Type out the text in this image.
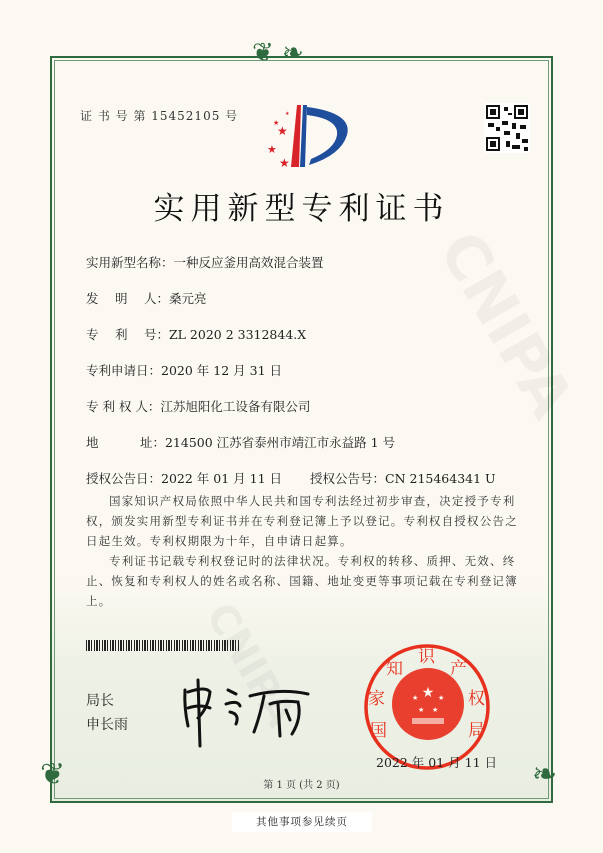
❦ ❧
❦	❧
证 书 号 第 15452105 号
★
★
★
★
★
实用新型专利证书
实用新型名称：一种反应釜用高效混合装置
发　 明　 人：桑元亮
专　 利　 号：ZL 2020 2 3312844.X
专利申请日：2020 年 12 月 31 日
专 利 权 人：江苏旭阳化工设备有限公司
地　　　 址：214500 江苏省泰州市靖江市永益路 1 号
授权公告日：2022 年 01 月 11 日 授权公告号：CN 215464341 U

国家知识产权局依照中华人民共和国专利法经过初步审查，决定授予专利权，颁发实用新型专利证书并在专利登记簿上予以登记。专利权自授权公告之日起生效。专利权期限为十年，自申请日起算。

专利证书记载专利权登记时的法律状况。专利权的转移、质押、无效、终止、恢复和专利权人的姓名或名称、国籍、地址变更等事项记载在专利登记簿上。

局长
申长雨
★
★	★
★ ★
国家知识产权局
2022 年 01 月 11 日
第 1 页 (共 2 页)
其他事项参见续页
